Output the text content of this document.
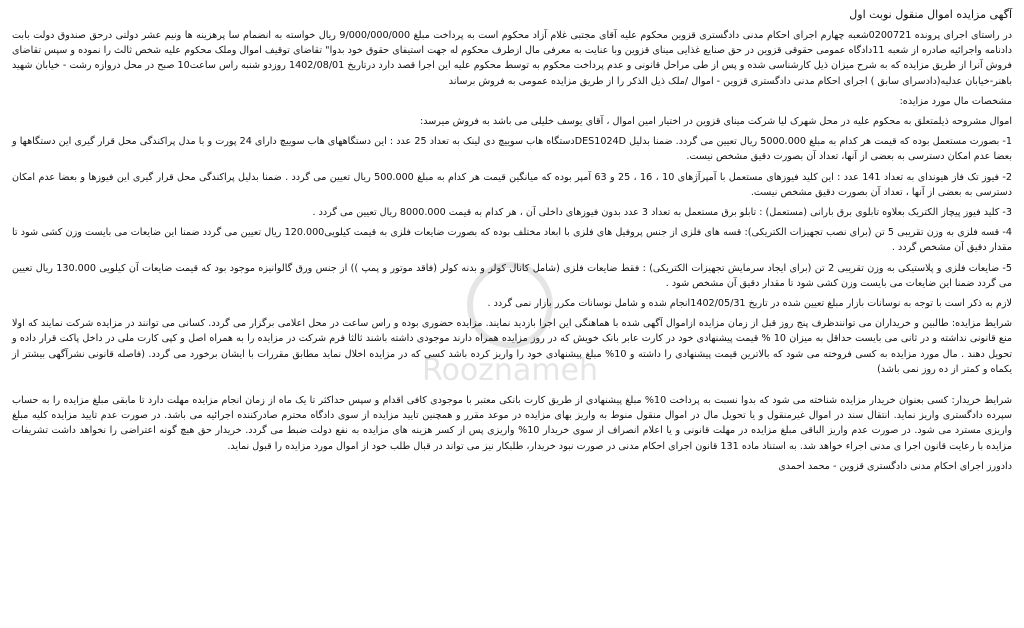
آگهی مزایده اموال منقول نوبت اول

در راستای اجرای پرونده 0200721شعبه چهارم اجرای احکام مدنی دادگستری قزوین محکوم علیه آقای مجتبی غلام آزاد محکوم است به پرداخت مبلغ 9/000/000/000 ریال خواسته به انضمام سا پرهزینه ها ونیم عشر دولتی درحق صندوق دولت بابت دادنامه واجرائیه صادره از شعبه 11دادگاه عمومی حقوقی قزوین در حق صنایع غذایی مینای قزوین وبا عنایت به معرفی مال ازطرف محکوم له جهت استیفای حقوق خود بدوا" تقاضای توقیف اموال وملک محکوم علیه شخص ثالث را نموده و سپس تقاضای فروش آنرا از طریق مزایده که به شرح میزان ذیل کارشناسی شده و پس از طی مراحل قانونی و عدم پرداخت محکوم به توسط محکوم علیه این اجرا قصد دارد درتاریخ 1402/08/01 روزدو شنبه راس ساعت10 صبح در محل دروازه رشت - خیابان شهید باهنر-خیابان عدلیه(دادسرای سابق ) اجرای احکام مدنی دادگستری قزوین - اموال /ملک ذیل الذکر را از طریق مزایده عمومی به فروش برساند

مشخصات مال مورد مزایده:

اموال مشروحه ذیلمتعلق به محکوم علیه در محل شهرک لیا شرکت مینای قزوین در اختیار امین اموال ، آقای یوسف خلیلی می باشد به فروش میرسد:

1- بصورت مستعمل بوده که قیمت هر کدام به مبلغ 5000.000 ریال تعیین می گردد. ضمنا بدلیل DES1024Dدستگاه هاب سوییچ دی لینک به تعداد 25 عدد : این دستگاههای هاب سوییچ دارای 24 پورت و با مدل پراکندگی محل قرار گیری این دستگاهها و بعضا عدم امکان دسترسی به بعضی از آنها، تعداد آن بصورت دقیق مشخص نیست.

2- فیوز تک فاز هیوندای به تعداد 141 عدد : این کلید فیوزهای مستعمل با آمپرآژهای 10 ، 16 ، 25 و 63 آمپر بوده که میانگین قیمت هر کدام به مبلغ 500.000 ریال تعیین می گردد . ضمنا بدلیل پراکندگی محل قرار گیری این فیوزها و بعضا عدم امکان دسترسی به بعضی از آنها ، تعداد آن بصورت دقیق مشخص نیست.

3- کلید فیوز پیچاز الکتریک بعلاوه تابلوی برق بارانی (مستعمل) : تابلو برق مستعمل به تعداد 3 عدد بدون فیوزهای داخلی آن ، هر کدام به قیمت 8000.000 ریال تعیین می گردد .

4- قسه فلزی به وزن تقریبی 5 تن (برای نصب تجهیزات الکتریکی): قسه های فلزی از جنس پروفیل های فلزی با ابعاد مختلف بوده که بصورت ضایعات فلزی به قیمت کیلویی120.000 ریال تعیین می گردد ضمنا این ضایعات می بایست وزن کشی شود تا مقدار دقیق آن مشخص گردد .

5- ضایعات فلزی و پلاستیکی به وزن تقریبی 2 تن (برای ایجاد سرمایش تجهیزات الکتریکی) : فقط ضایعات فلزی (شامل کانال کولر و بدنه کولر (فاقد موتور و پمپ )) از جنس ورق گالوانیزه موجود بود که قیمت ضایعات آن کیلویی 130.000 ریال تعیین می گردد ضمنا این ضایعات می بایست وزن کشی شود تا مقدار دقیق آن مشخص شود .

لازم به ذکر است با توجه به نوسانات بازار مبلغ تعیین شده در تاریخ 1402/05/31انجام شده و شامل نوسانات مکرر بازار نمی گردد .

شرایط مزایده: طالبین و خریداران می توانندظرف پنج روز قبل از زمان مزایده ازاموال آگهی شده با هماهنگی این اجرا بازدید نمایند. مزایده حضوری بوده و راس ساعت در محل اعلامی برگزار می گردد. کسانی می توانند در مزایده شرکت نمایند که اولا منع قانونی نداشته و در ثانی می بایست حداقل به میزان 10 % قیمت پیشنهادی خود در کارت عابر بانک خویش که در روز مزایده همراه دارند موجودی داشته باشند ثالثا فرم شرکت در مزایده را به همراه اصل و کپی کارت ملی در داخل پاکت قرار داده و تحویل دهند . مال مورد مزایده به کسی فروخته می شود که بالاترین قیمت پیشنهادی را داشته و 10% مبلغ پیشنهادی خود را واریز کرده باشد کسی که در مزایده اخلال نماید مطابق مقررات با ایشان برخورد می گردد. (فاصله قانونی نشرآگهی بیشتر از یکماه و کمتر از ده روز نمی باشد)

شرایط خریدار: کسی بعنوان خریدار مزایده شناخته می شود که بدوا نسبت به پرداخت 10% مبلغ پیشنهادی از طریق کارت بانکی معتبر با موجودی کافی اقدام و سپس حداکثر تا یک ماه از زمان انجام مزایده مهلت دارد تا مابقی مبلغ مزایده را به حساب سپرده دادگستری واریز نماید. انتقال سند در اموال غیرمنقول و یا تحویل مال در اموال منقول منوط به واریز بهای مزایده در موعد مقرر و همچنین تایید مزایده از سوی دادگاه محترم صادرکننده اجرائیه می باشد. در صورت عدم تایید مزایده کلیه مبلغ واریزی مسترد می شود. در صورت عدم واریز الباقی مبلغ مزایده در مهلت قانونی و یا اعلام انصراف از سوی خریدار 10% واریزی پس از کسر هزینه های مزایده به نفع دولت ضبط می گردد. خریدار حق هیچ گونه اعتراضی را نخواهد داشت تشریفات مزایده با رعایت قانون اجرا ی مدنی اجراء خواهد شد. به استناد ماده 131 قانون اجرای احکام مدنی در صورت نبود خریدار، طلبکار نیز می تواند در قبال طلب خود از اموال مورد مزایده را قبول نماید.

دادورز اجرای احکام مدنی دادگستری قزوین - محمد احمدی

Rooznameh
